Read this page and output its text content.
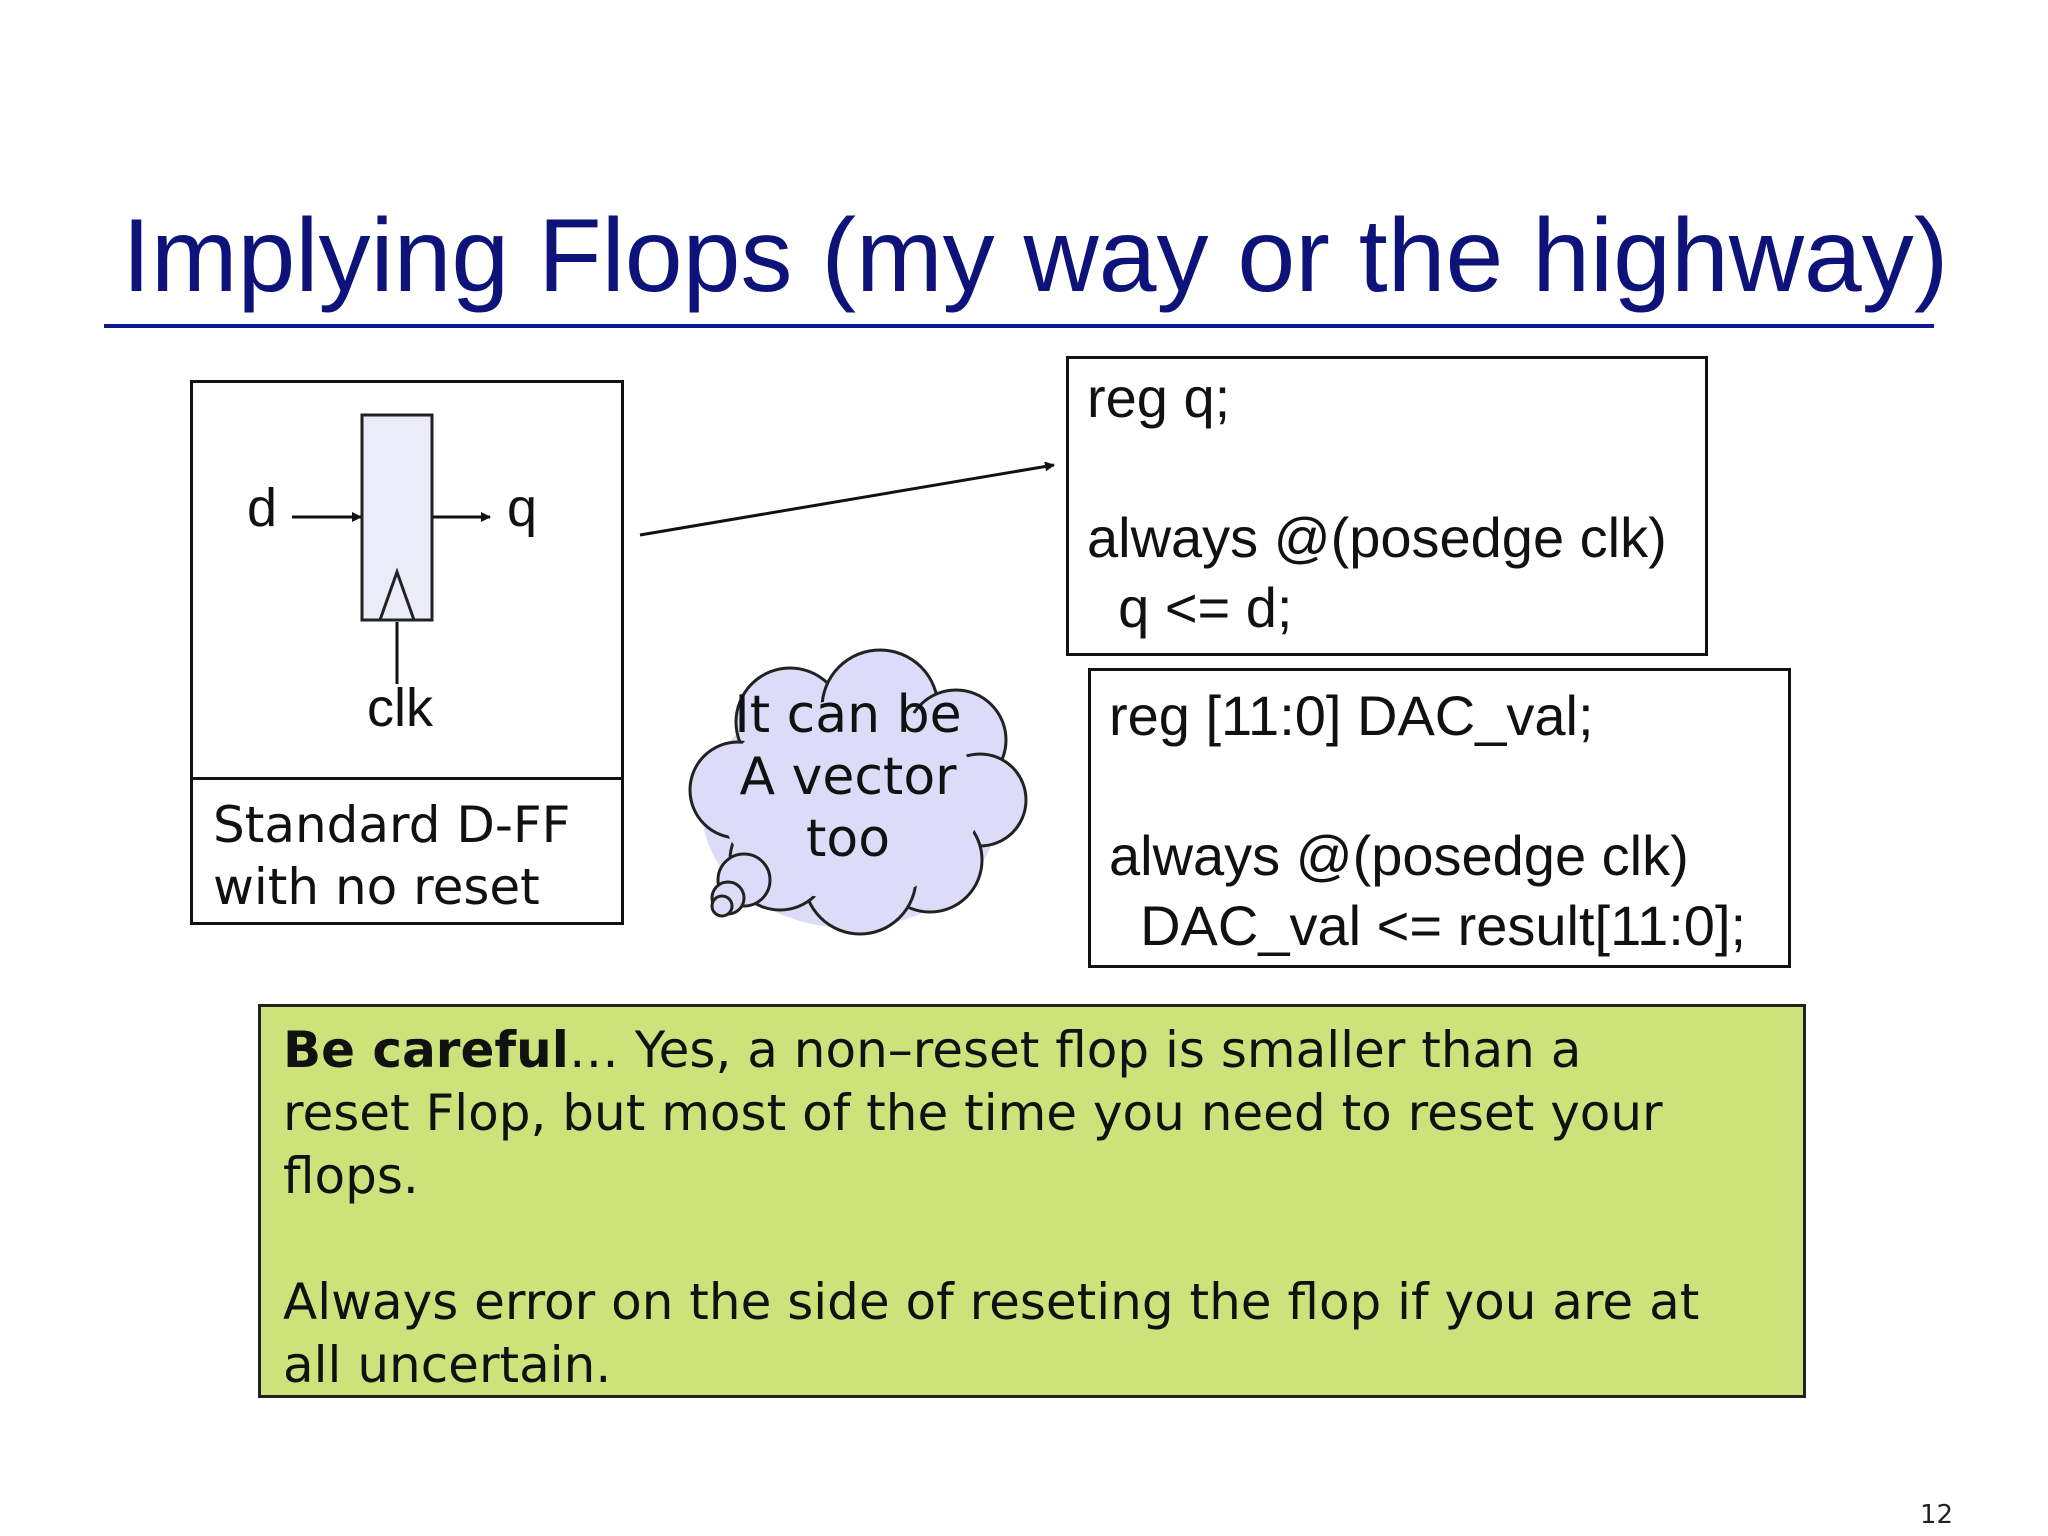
Implying Flops (my way or the highway)
d	q
clk
Standard D-FF
with no reset
reg q;
always @(posedge clk)
q <= d;
reg [11:0] DAC_val;
always @(posedge clk)
DAC_val <= result[11:0];
It can be
A vector
too
Be careful… Yes, a non–reset flop is smaller than a
reset Flop, but most of the time you need to reset your
flops.
Always error on the side of reseting the flop if you are at
all uncertain.
12
